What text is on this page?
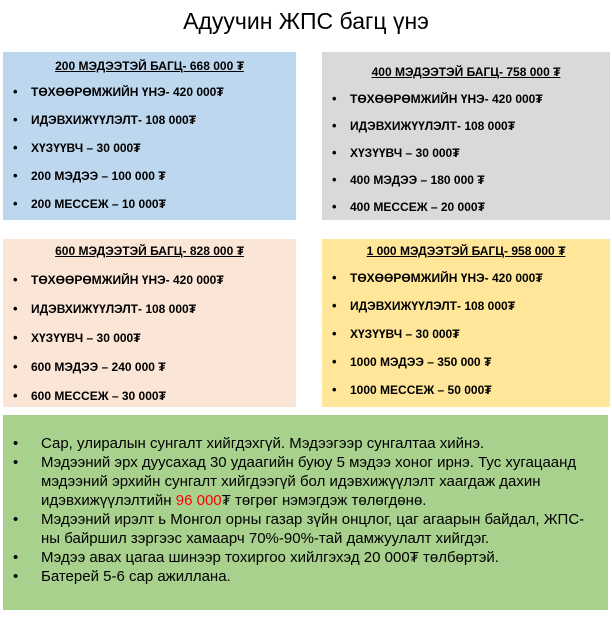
Адуучин ЖПС багц үнэ
200 МЭДЭЭТЭЙ БАГЦ- 668 000 ₮
• ТӨХӨӨРӨМЖИЙН ҮНЭ- 420 000₮
• ИДЭВХИЖҮҮЛЭЛТ- 108 000₮
• ХҮЗҮҮВЧ – 30 000₮
• 200 МЭДЭЭ – 100 000 ₮
• 200 МЕССЕЖ – 10 000₮
400 МЭДЭЭТЭЙ БАГЦ- 758 000 ₮
• ТӨХӨӨРӨМЖИЙН ҮНЭ- 420 000₮
• ИДЭВХИЖҮҮЛЭЛТ- 108 000₮
• ХҮЗҮҮВЧ – 30 000₮
• 400 МЭДЭЭ – 180 000 ₮
• 400 МЕССЕЖ – 20 000₮
600 МЭДЭЭТЭЙ БАГЦ- 828 000 ₮
• ТӨХӨӨРӨМЖИЙН ҮНЭ- 420 000₮
• ИДЭВХИЖҮҮЛЭЛТ- 108 000₮
• ХҮЗҮҮВЧ – 30 000₮
• 600 МЭДЭЭ – 240 000 ₮
• 600 МЕССЕЖ – 30 000₮
1 000 МЭДЭЭТЭЙ БАГЦ- 958 000 ₮
• ТӨХӨӨРӨМЖИЙН ҮНЭ- 420 000₮
• ИДЭВХИЖҮҮЛЭЛТ- 108 000₮
• ХҮЗҮҮВЧ – 30 000₮
• 1000 МЭДЭЭ – 350 000 ₮
• 1000 МЕССЕЖ – 50 000₮
• Сар, улиралын сунгалт хийгдэхгүй. Мэдээгээр сунгалтаа хийнэ.
• Мэдээний эрх дуусахад 30 удаагийн буюу 5 мэдээ хоног ирнэ. Тус хугацаанд мэдээний эрхийн сунгалт хийгдээгүй бол идэвхижүүлэлт хаагдаж дахин идэвхижүүлэлтийн 96 000₮ төгрөг нэмэгдэж төлөгдөнө.
• Мэдээний ирэлт ь Монгол орны газар зүйн онцлог, цаг агаарын байдал, ЖПС-ны байршил зэргээс хамаарч 70%-90%-тай дамжуулалт хийгдэг.
• Мэдээ авах цагаа шинээр тохиргоо хийлгэхэд 20 000₮ төлбөртэй.
• Батерей 5-6 сар ажиллана.
